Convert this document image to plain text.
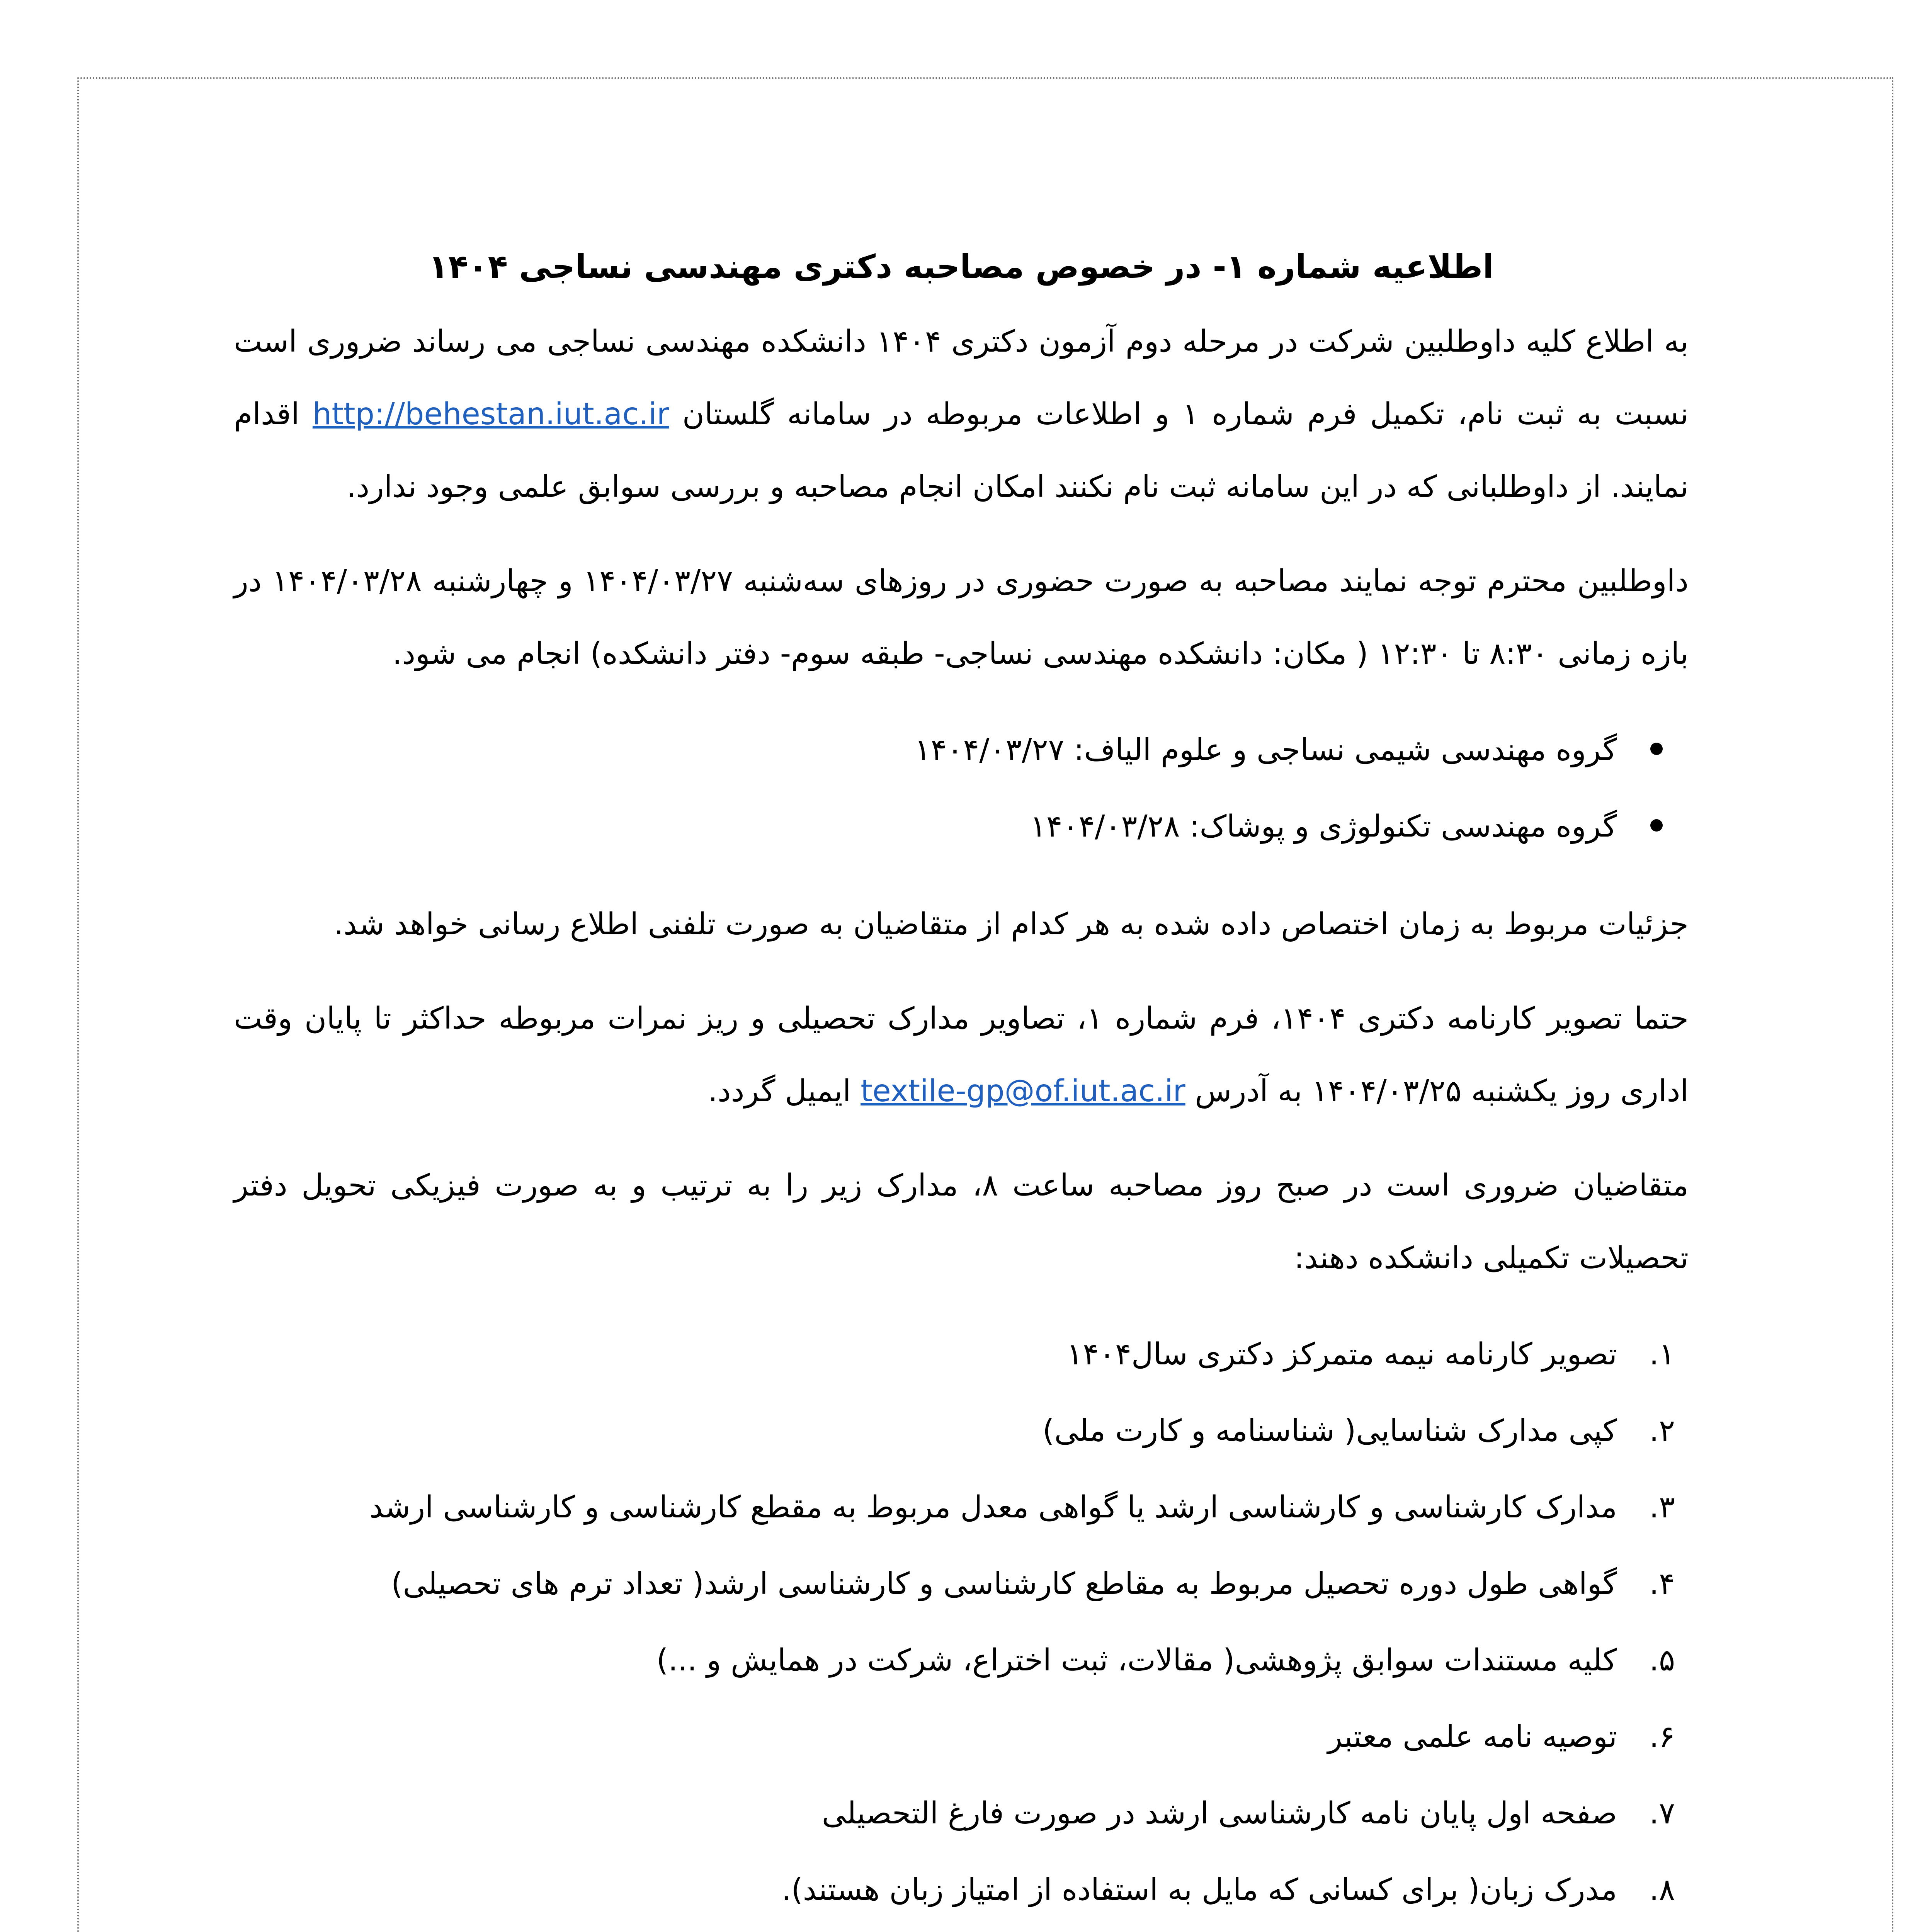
اطلاعیه شماره ۱- در خصوص مصاحبه دکتری مهندسی نساجی ۱۴۰۴

به اطلاع کلیه داوطلبین شرکت در مرحله دوم آزمون دکتری ۱۴۰۴ دانشکده مهندسی نساجی می رساند ضروری است نسبت به ثبت نام، تکمیل فرم شماره ۱ و اطلاعات مربوطه در سامانه گلستان http://behestan.iut.ac.ir اقدام نمایند. از داوطلبانی که در این سامانه ثبت نام نکنند امکان انجام مصاحبه و بررسی سوابق علمی وجود ندارد.

داوطلبین محترم توجه نمایند مصاحبه به صورت حضوری در روزهای سه‌شنبه ۱۴۰۴/۰۳/۲۷ و چهارشنبه ۱۴۰۴/۰۳/۲۸ در بازه زمانی ۸:۳۰ تا ۱۲:۳۰ ( مکان: دانشکده مهندسی نساجی- طبقه سوم- دفتر دانشکده) انجام می شود.

گروه مهندسی شیمی نساجی و علوم الیاف: ۱۴۰۴/۰۳/۲۷
گروه مهندسی تکنولوژی و پوشاک: ۱۴۰۴/۰۳/۲۸

جزئیات مربوط به زمان اختصاص داده شده به هر کدام از متقاضیان به صورت تلفنی اطلاع رسانی خواهد شد.

حتما تصویر کارنامه دکتری ۱۴۰۴، فرم شماره ۱، تصاویر مدارک تحصیلی و ریز نمرات مربوطه حداکثر تا پایان وقت اداری روز یکشنبه ۱۴۰۴/۰۳/۲۵ به آدرس textile-gp@of.iut.ac.ir ایمیل گردد.

متقاضیان ضروری است در صبح روز مصاحبه ساعت ۸، مدارک زیر را به ترتیب و به صورت فیزیکی تحویل دفتر تحصیلات تکمیلی دانشکده دهند:

۱.
تصویر کارنامه نیمه متمرکز دکتری سال۱۴۰۴
۲.
کپی مدارک شناسایی( شناسنامه و کارت ملی)
۳.
مدارک کارشناسی و کارشناسی ارشد یا گواهی معدل مربوط به مقطع کارشناسی و کارشناسی ارشد
۴.
گواهی طول دوره تحصیل مربوط به مقاطع کارشناسی و کارشناسی ارشد( تعداد ترم های تحصیلی)
۵.
کلیه مستندات سوابق پژوهشی( مقالات، ثبت اختراع، شرکت در همایش و ...)
۶.
توصیه نامه علمی معتبر
۷.
صفحه اول پایان نامه کارشناسی ارشد در صورت فارغ التحصیلی
۸.
مدرک زبان( برای کسانی که مایل به استفاده از امتیاز زبان هستند).
